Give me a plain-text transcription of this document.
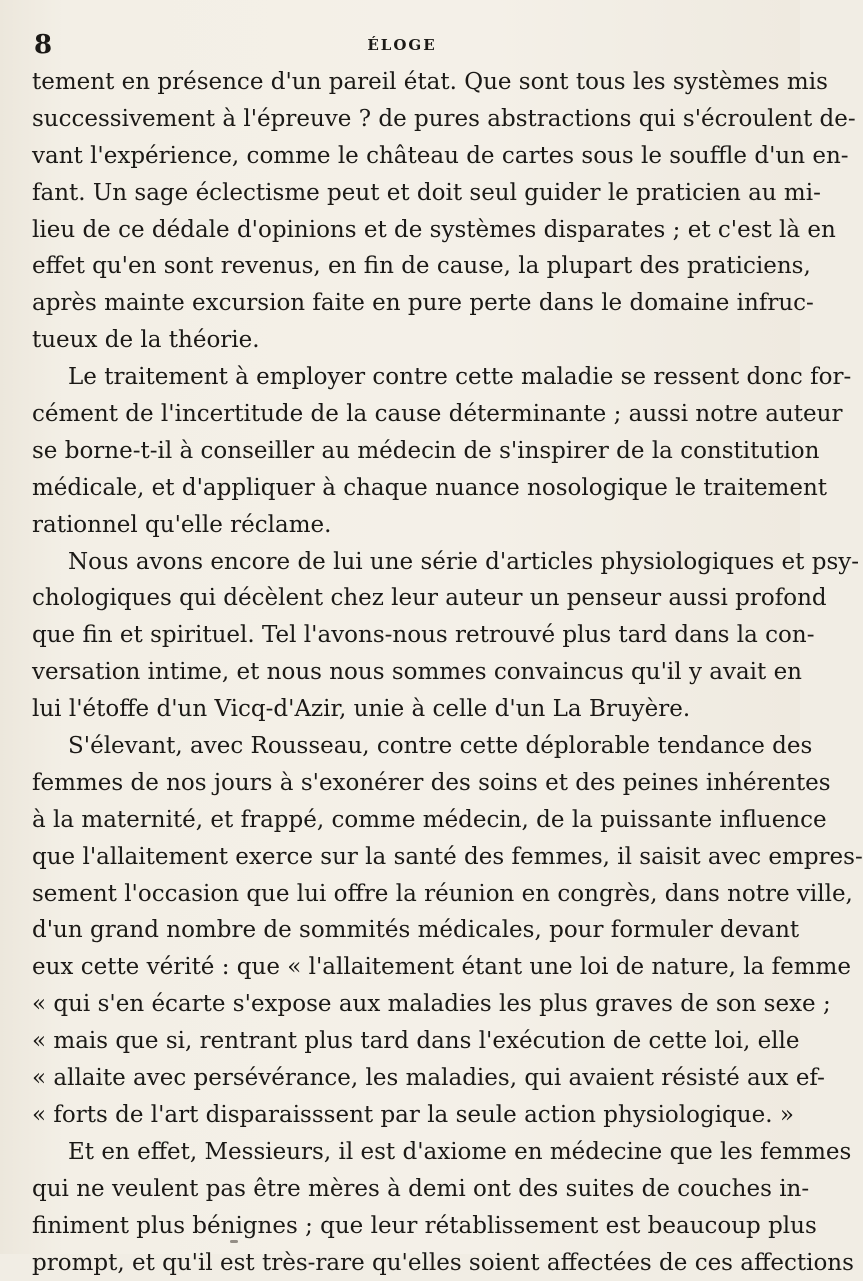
8	ÉLOGE
tement en présence d'un pareil état. Que sont tous les systèmes mis
successivement à l'épreuve ? de pures abstractions qui s'écroulent de-
vant l'expérience, comme le château de cartes sous le souffle d'un en-
fant. Un sage éclectisme peut et doit seul guider le praticien au mi-
lieu de ce dédale d'opinions et de systèmes disparates ; et c'est là en
effet qu'en sont revenus, en fin de cause, la plupart des praticiens,
après mainte excursion faite en pure perte dans le domaine infruc-
tueux de la théorie.
Le traitement à employer contre cette maladie se ressent donc for-
cément de l'incertitude de la cause déterminante ; aussi notre auteur
se borne-t-il à conseiller au médecin de s'inspirer de la constitution
médicale, et d'appliquer à chaque nuance nosologique le traitement
rationnel qu'elle réclame.
Nous avons encore de lui une série d'articles physiologiques et psy-
chologiques qui décèlent chez leur auteur un penseur aussi profond
que fin et spirituel. Tel l'avons-nous retrouvé plus tard dans la con-
versation intime, et nous nous sommes convaincus qu'il y avait en
lui l'étoffe d'un Vicq-d'Azir, unie à celle d'un La Bruyère.
S'élevant, avec Rousseau, contre cette déplorable tendance des
femmes de nos jours à s'exonérer des soins et des peines inhérentes
à la maternité, et frappé, comme médecin, de la puissante influence
que l'allaitement exerce sur la santé des femmes, il saisit avec empres-
sement l'occasion que lui offre la réunion en congrès, dans notre ville,
d'un grand nombre de sommités médicales, pour formuler devant
eux cette vérité : que « l'allaitement étant une loi de nature, la femme
« qui s'en écarte s'expose aux maladies les plus graves de son sexe ;
« mais que si, rentrant plus tard dans l'exécution de cette loi, elle
« allaite avec persévérance, les maladies, qui avaient résisté aux ef-
« forts de l'art disparaisssent par la seule action physiologique. »
Et en effet, Messieurs, il est d'axiome en médecine que les femmes
qui ne veulent pas être mères à demi ont des suites de couches in-
finiment plus bénignes ; que leur rétablissement est beaucoup plus
prompt, et qu'il est très-rare qu'elles soient affectées de ces affections
